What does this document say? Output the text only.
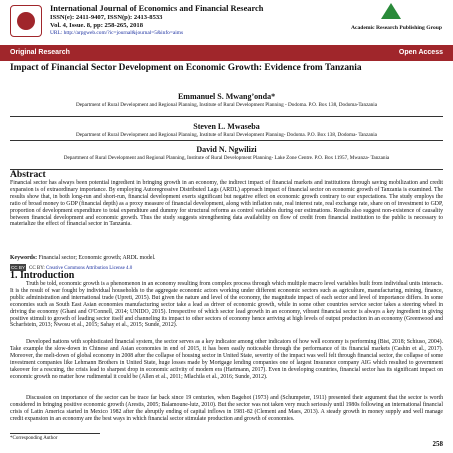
International Journal of Economics and Financial Research
ISSN(e): 2411-9407, ISSN(p): 2413-8533
Vol. 4, Issue. 8, pp: 258-265, 2018
URL: http://arpgweb.com/?ic=journal&journal=5&info=aims
Academic Research Publishing Group
Original Research	Open Access
Impact of Financial Sector Development on Economic Growth: Evidence from Tanzania
Emmanuel S. Mwang’onda*
Department of Rural Development and Regional Planning, Institute of Rural Development Planning - Dodoma. P.O. Box 138, Dodoma-Tanzania
Steven L. Mwaseba
Department of Rural Development and Regional Planning, Institute of Rural Development Planning- Dodoma. P.O. Box 138, Dodoma- Tanzania
David N. Ngwilizi
Department of Rural Development and Regional Planning, Institute of Rural Development Planning- Lake Zone Centre. P.O. Box 11957, Mwanza- Tanzania
Abstract
Financial sector has always been potential ingredient in bringing growth in an economy, the indirect impact of financial markets and institutions through saving mobilization and credit expansion is of extraordinary importance. By employing Autoregressive Distributed Lags (ARDL) approach impact of financial sector on economic growth of Tanzania is examined. The results show that, in both long-run and short-run, financial development exerts significant but negative effect on economic growth contrary to our expectations. The study employs the ratio of broad money to GDP (financial depth) as a proxy measure of financial development, along with inflation rate, real interest rate, real exchange rate, share on of investment to GDP, proportion of development expenditure to total expenditure and dummy for structural reforms as control variables during our estimations. Results also suggest non-existence of causality between financial development and economic growth. Thus the study suggests strengthening data availability on flow of credit from financial institution to the public is necessary to materialize the effect of financial sector in Tanzania.
Keywords: Financial sector; Economic growth; ARDL model.
CC BY CC BY: Creative Commons Attribution License 4.0
1. Introduction
Truth be told, economic growth is a phenomenon in an economy resulting from complex process through which multiple macro level variables built from individual units interacts. It is the result of war fought by individual households to the aggregate economic actors working under different economic sectors such as agriculture, manufacturing, mining, finance, public administration and international trade (Upreti, 2015). But given the nature and level of the economy, the magnitude impact of each sector and level of importance differs. In some economies such as South East Asian economies manufacturing sector take a lead as driver of economic growth, while in some other countries service sector takes a steering wheel in driving the economy (Ghani and O'Connell, 2014; UNIDO, 2015). Irrespective of which sector lead growth in an economy, vibrant financial sector is always a key ingredient in giving positive stimuli to growth of leading sector itself and channeling its impact to other sectors of economy hence arriving at high levels of output production in an economy (Greenwood and Scharfstein, 2013; Nwosu et al., 2015; Sahay et al., 2015; Sunde, 2012).
Developed nations with sophisticated financial system, the sector serves as a key indicator among other indicators of how well economy is performing (Bist, 2018; Schiuso, 2004). Take example the slow-down in Chinese and Asian economies in end of 2015, it has been easily noticeable through the performance of its financial markets (Cashin et al., 2017). Moreover, the melt-down of global economy in 2008 after the collapse of housing sector in United State, severity of the impact was well felt through financial sector, the collapse of some investment companies like Lehmann Brothers in United State, huge losses made by Mortgage lending companies one of largest Insurance company AIG which resulted to government takeover for a rescuing, the crisis lead to sharpest drop in economic activity of modern era (Hartmann, 2017). Even in developing countries, financial sector has its significant impact on economic growth no matter how rudimental it could be (Allen et al., 2011; Mlachila et al., 2016; Sunde, 2012).
Discussion on importance of the sector can be trace far back since 19 centuries, when Bagehot (1973) and (Schumpeter, 1911) presented their argument that the sector is worth considered in bringing positive economic growth (Arestis, 2005; Balamoune-lutz, 2010). But the sector was not taken very much seriously until 1980s following an international financial crisis of Latin America started in Mexico 1982 after the abruptly ending of capital inflows in 1981-82 (Clement and Maes, 2013). A steady growth in money supply and well manage credit expansion in an economy are the best ways in which financial sector stimulate production and growth of economies.
*Corresponding Author
258
